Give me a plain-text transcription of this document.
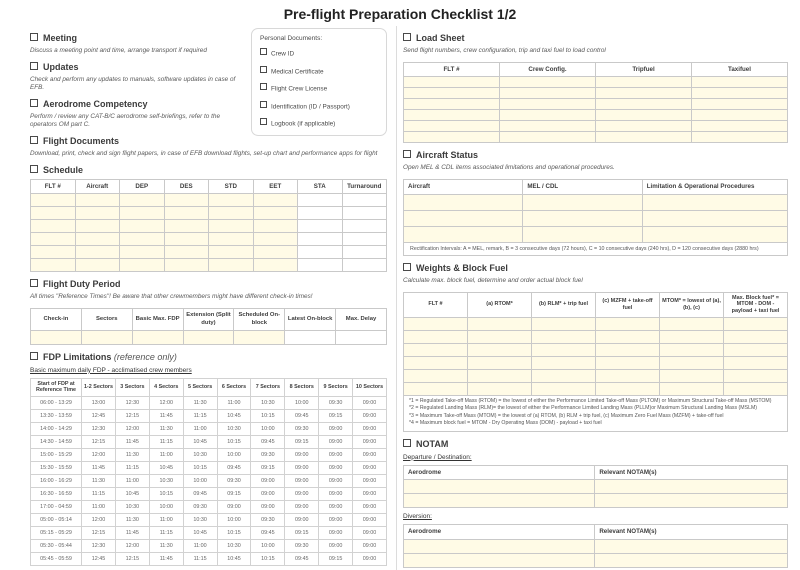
Pre-flight Preparation Checklist 1/2
Personal Documents:
Crew ID
Medical Certificate
Flight Crew License
Identification (ID / Passport)
Logbook (if applicable)
Meeting
Discuss a meeting point and time, arrange transport if required
Updates
Check and perform any updates to manuals, software updates in case of EFB.
Aerodrome Competency
Perform / review any CAT-B/C aerodrome self-briefings, refer to the operators OM part C.
Flight Documents
Download, print, check and sign flight papers, in case of EFB download flights, set-up chart and performance apps for flight
Schedule
FLT #	Aircraft	DEP	DES	STD	EET	STA	Turnaround

Flight Duty Period
All times "Reference Times"! Be aware that other crewmembers might have different check-in times!
Check-in	Sectors	Basic Max. FDP	Extension (Split duty)	Scheduled On-block	Latest On-block	Max. Delay

FDP Limitations (reference only)
Basic maximum daily FDP - acclimatised crew members
Start of FDP at Reference Time	1-2 Sectors	3 Sectors	4 Sectors	5 Sectors	6 Sectors	7 Sectors	8 Sectors	9 Sectors	10 Sectors
06:00 - 13:29	13:00	12:30	12:00	11:30	11:00	10:30	10:00	09:30	09:00
13:30 - 13:59	12:45	12:15	11:45	11:15	10:45	10:15	09:45	09:15	09:00
14:00 - 14:29	12:30	12:00	11:30	11:00	10:30	10:00	09:30	09:00	09:00
14:30 - 14:59	12:15	11:45	11:15	10:45	10:15	09:45	09:15	09:00	09:00
15:00 - 15:29	12:00	11:30	11:00	10:30	10:00	09:30	09:00	09:00	09:00
15:30 - 15:59	11:45	11:15	10:45	10:15	09:45	09:15	09:00	09:00	09:00
16:00 - 16:29	11:30	11:00	10:30	10:00	09:30	09:00	09:00	09:00	09:00
16:30 - 16:59	11:15	10:45	10:15	09:45	09:15	09:00	09:00	09:00	09:00
17:00 - 04:59	11:00	10:30	10:00	09:30	09:00	09:00	09:00	09:00	09:00
05:00 - 05:14	12:00	11:30	11:00	10:30	10:00	09:30	09:00	09:00	09:00
05:15 - 05:29	12:15	11:45	11:15	10:45	10:15	09:45	09:15	09:00	09:00
05:30 - 05:44	12:30	12:00	11:30	11:00	10:30	10:00	09:30	09:00	09:00
05:45 - 05:59	12:45	12:15	11:45	11:15	10:45	10:15	09:45	09:15	09:00
Load Sheet
Send flight numbers, crew configuration, trip and taxi fuel to load control
FLT #	Crew Config.	Tripfuel	Taxifuel

Aircraft Status
Open MEL & CDL items associated limitations and operational procedures.
Aircraft	MEL / CDL	Limitation & Operational Procedures

Rectification Intervals: A = MEL, remark, B = 3 consecutive days (72 hours), C = 10 consecutive days (240 hrs), D = 120 consecutive days (2880 hrs)
Weights & Block Fuel
Calculate max. block fuel, determine and order actual block fuel
FLT #	(a) RTOM*	(b) RLM* + trip fuel	(c) MZFM + take-off fuel	MTOM* = lowest of (a), (b), (c)	Max. Block fuel* = MTOM - DOM - payload + taxi fuel

*1 = Regulated Take-off Mass (RTOM) = the lowest of either the Performance Limited Take-off Mass (PLTOM) or Maximum Structural Take-off Mass (MSTOM)
*2 = Regulated Landing Mass (RLM)= the lowest of either the Performance Limited Landing Mass (PLLM)or Maximum Structural Landing Mass (MSLM)
*3 = Maximum Take-off Mass (MTOM) = the lowest of (a) RTOM, (b) RLM + trip fuel, (c) Maximum Zero Fuel Mass (MZFM) + take-off fuel
*4 = Maximum block fuel = MTOM - Dry Operating Mass (DOM) - payload + taxi fuel
NOTAM
Departure / Destination:
Aerodrome	Relevant NOTAM(s)

Diversion:
Aerodrome	Relevant NOTAM(s)
